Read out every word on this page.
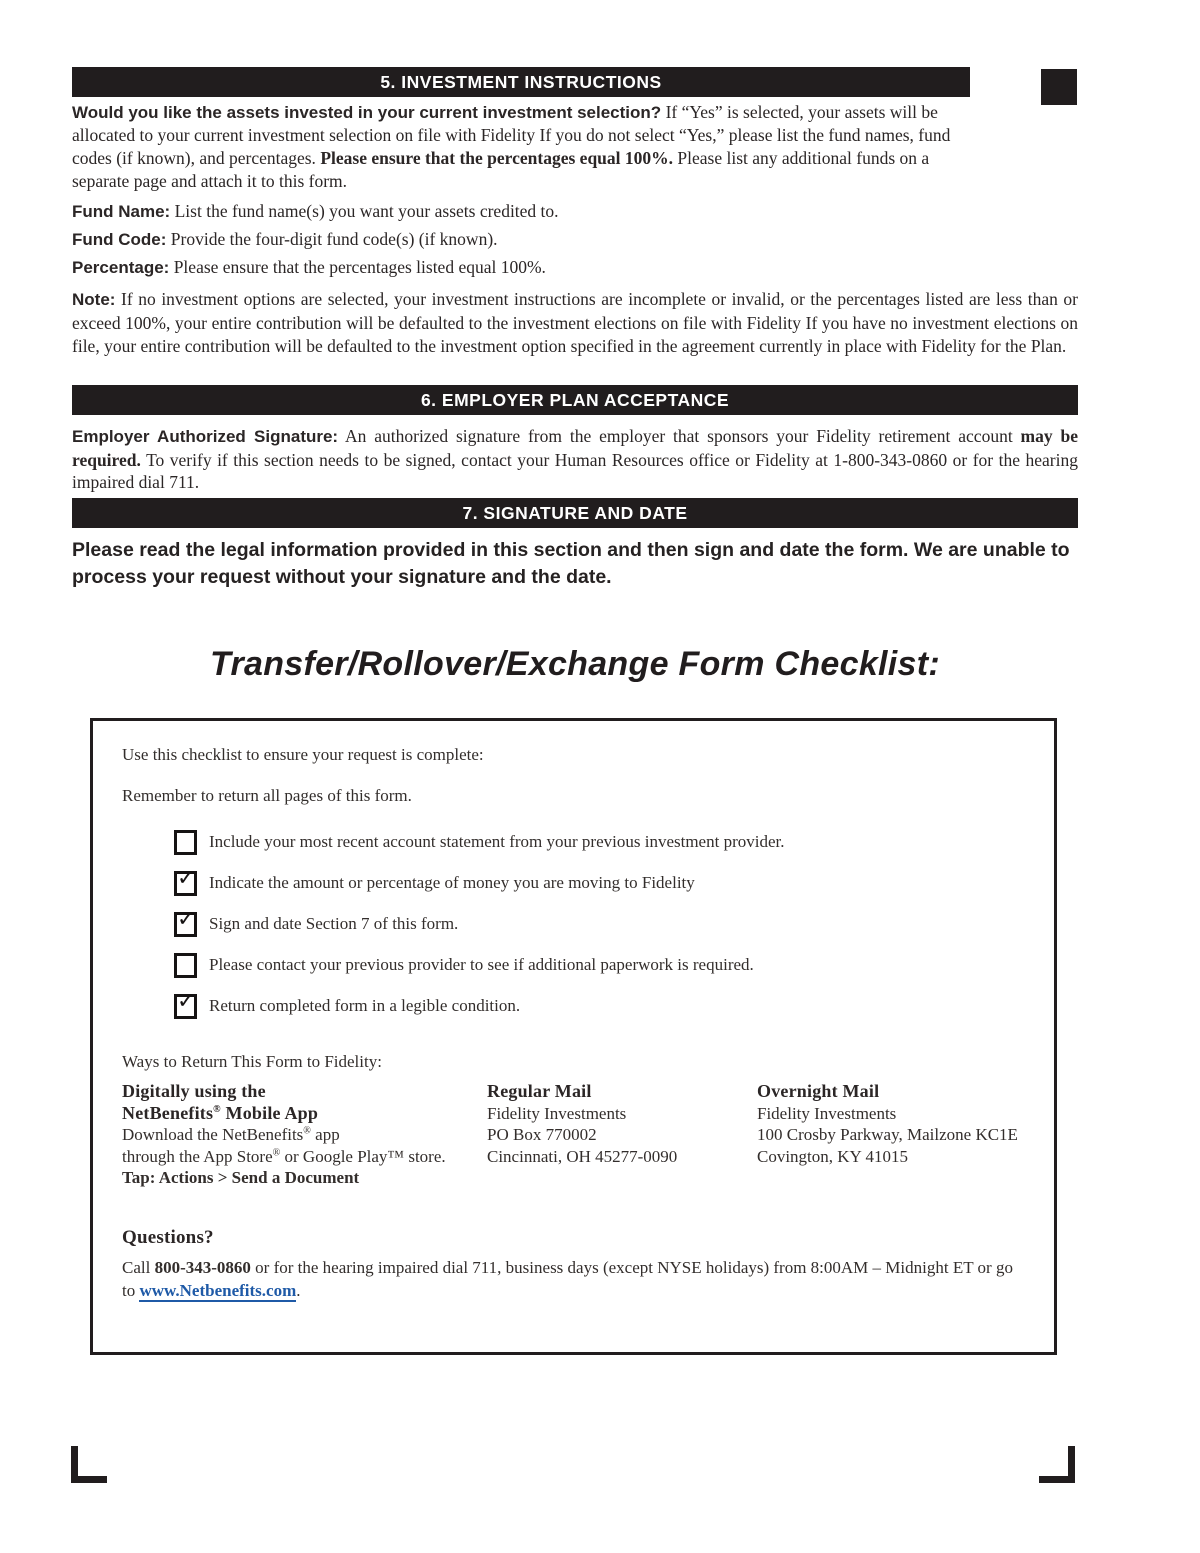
5. INVESTMENT INSTRUCTIONS

Would you like the assets invested in your current investment selection? If “Yes” is selected, your assets will be allocated to your current investment selection on file with Fidelity If you do not select “Yes,” please list the fund names, fund codes (if known), and percentages. Please ensure that the percentages equal 100%. Please list any additional funds on a separate page and attach it to this form.

Fund Name: List the fund name(s) you want your assets credited to.
Fund Code: Provide the four-digit fund code(s) (if known).
Percentage: Please ensure that the percentages listed equal 100%.

Note: If no investment options are selected, your investment instructions are incomplete or invalid, or the percentages listed are less than or exceed 100%, your entire contribution will be defaulted to the investment elections on file with Fidelity If you have no investment elections on file, your entire contribution will be defaulted to the investment option specified in the agreement currently in place with Fidelity for the Plan.

6. EMPLOYER PLAN ACCEPTANCE

Employer Authorized Signature: An authorized signature from the employer that sponsors your Fidelity retirement account may be required. To verify if this section needs to be signed, contact your Human Resources office or Fidelity at 1-800-343-0860 or for the hearing impaired dial 711.

7. SIGNATURE AND DATE

Please read the legal information provided in this section and then sign and date the form. We are unable to process your request without your signature and the date.

Transfer/Rollover/Exchange Form Checklist:

Use this checklist to ensure your request is complete:

Remember to return all pages of this form.

Include your most recent account statement from your previous investment provider.
✓ Indicate the amount or percentage of money you are moving to Fidelity
✓ Sign and date Section 7 of this form.
Please contact your previous provider to see if additional paperwork is required.
✓ Return completed form in a legible condition.

Ways to Return This Form to Fidelity:

Digitally using the
NetBenefits® Mobile App
Download the NetBenefits® app
through the App Store® or Google Play™ store.
Tap: Actions > Send a Document
Regular Mail
Fidelity Investments
PO Box 770002
Cincinnati, OH 45277-0090
Overnight Mail
Fidelity Investments
100 Crosby Parkway, Mailzone KC1E
Covington, KY 41015

Questions?

Call 800-343-0860 or for the hearing impaired dial 711, business days (except NYSE holidays) from 8:00AM – Midnight ET or go to www.Netbenefits.com.
